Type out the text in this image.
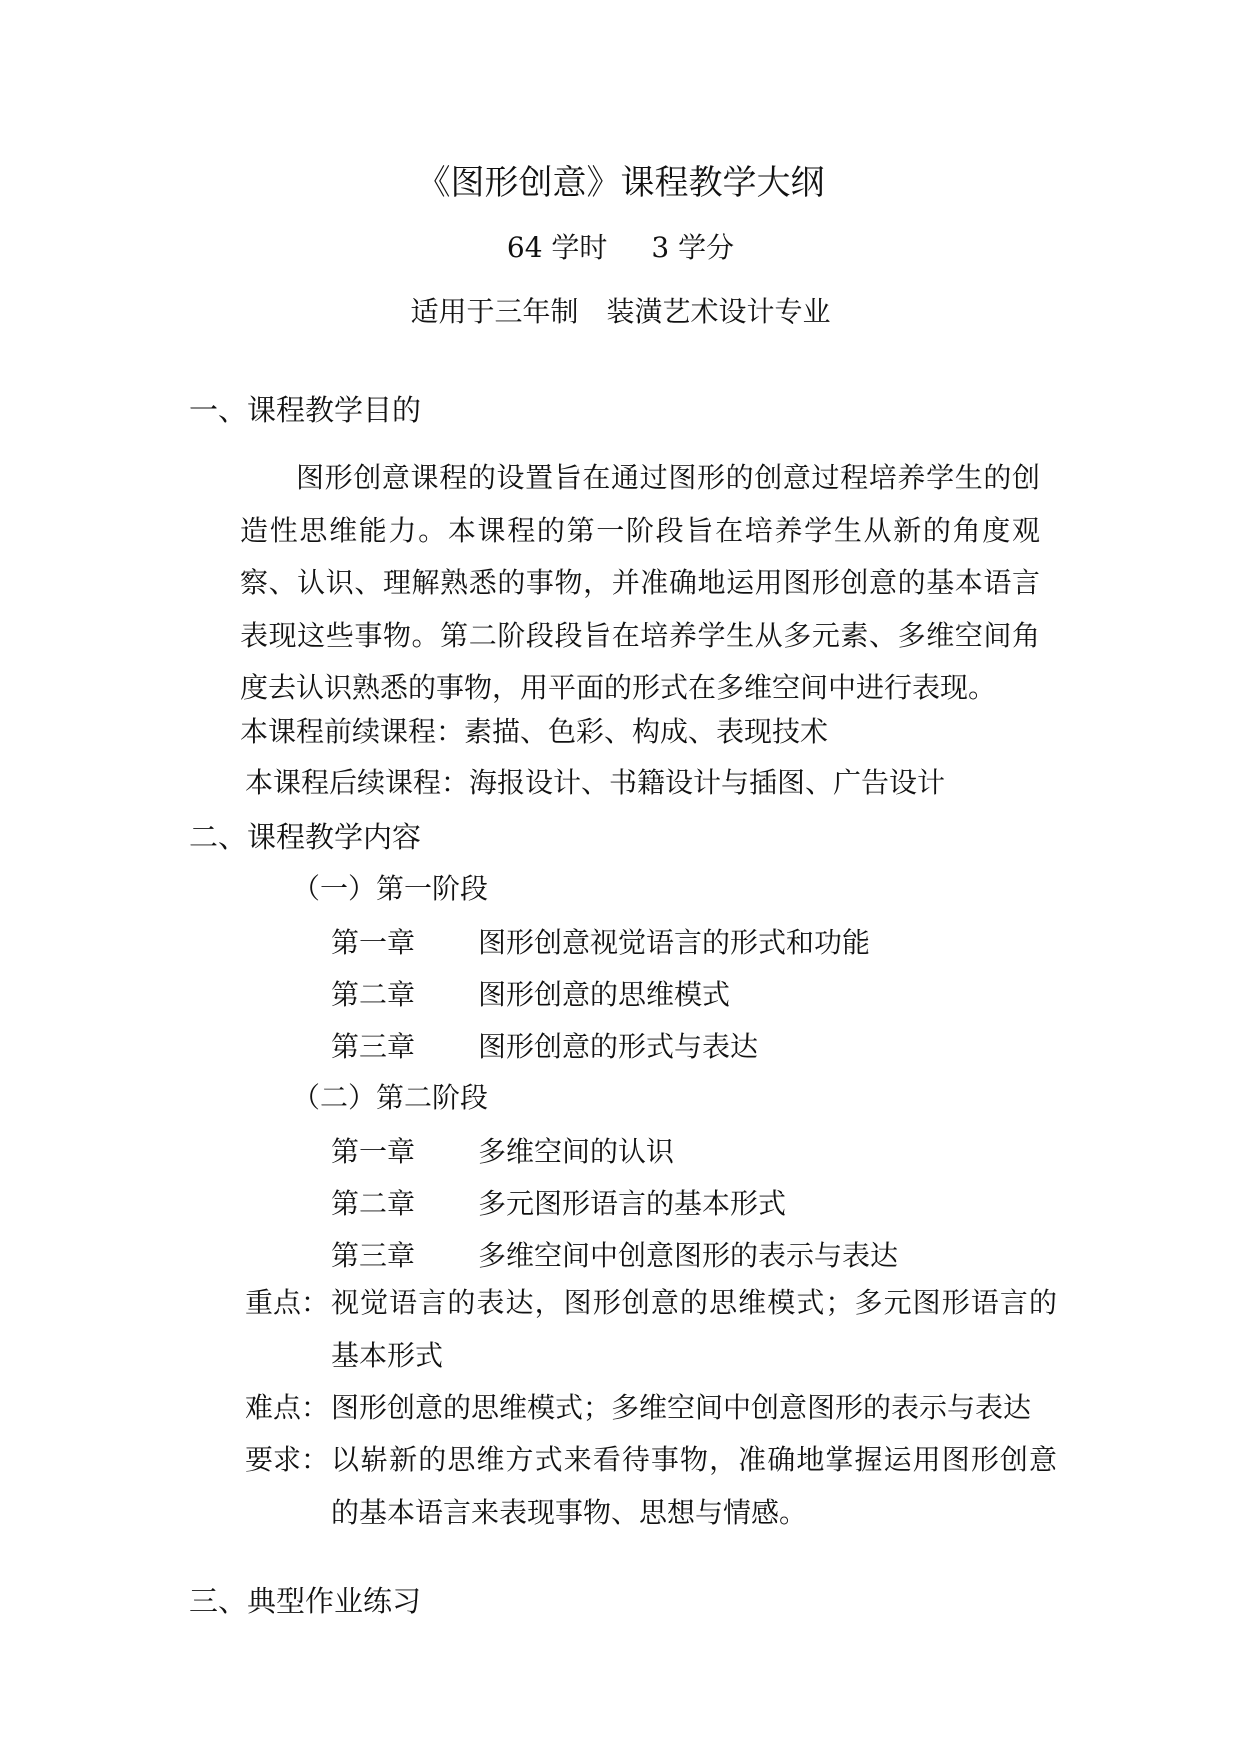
《图形创意》课程教学大纲
64 学时 3 学分
适用于三年制 装潢艺术设计专业
一、课程教学目的
图形创意课程的设置旨在通过图形的创意过程培养学生的创造性思维能力。本课程的第一阶段旨在培养学生从新的角度观察、认识、理解熟悉的事物，并准确地运用图形创意的基本语言表现这些事物。第二阶段段旨在培养学生从多元素、多维空间角度去认识熟悉的事物，用平面的形式在多维空间中进行表现。
本课程前续课程：素描、色彩、构成、表现技术
本课程后续课程：海报设计、书籍设计与插图、广告设计
二、课程教学内容
（一）第一阶段
第一章 图形创意视觉语言的形式和功能
第二章 图形创意的思维模式
第三章 图形创意的形式与表达
（二）第二阶段
第一章 多维空间的认识
第二章 多元图形语言的基本形式
第三章 多维空间中创意图形的表示与表达
重点： 视觉语言的表达，图形创意的思维模式；多元图形语言的基本形式
难点： 图形创意的思维模式；多维空间中创意图形的表示与表达
要求： 以崭新的思维方式来看待事物，准确地掌握运用图形创意的基本语言来表现事物、思想与情感。
三、典型作业练习
